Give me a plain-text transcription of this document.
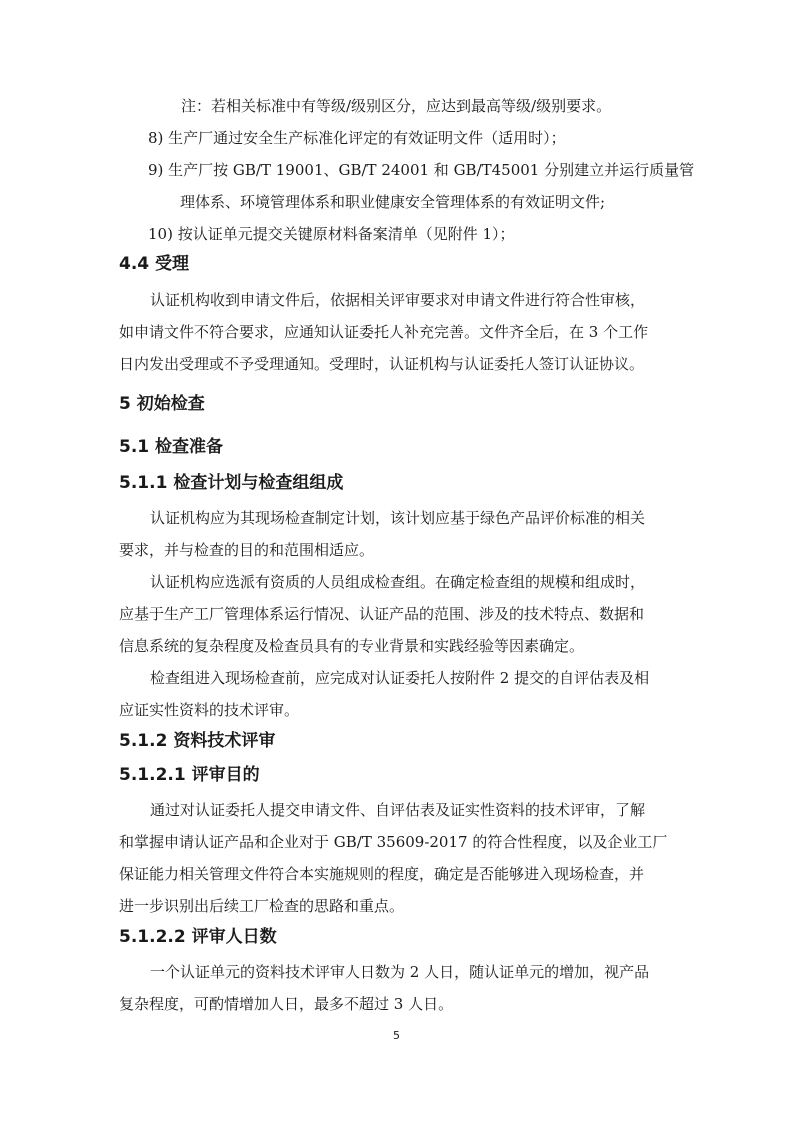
注：若相关标准中有等级/级别区分，应达到最高等级/级别要求。
8) 生产厂通过安全生产标准化评定的有效证明文件（适用时）；
9) 生产厂按 GB/T 19001、GB/T 24001 和 GB/T45001 分别建立并运行质量管
理体系、环境管理体系和职业健康安全管理体系的有效证明文件;
10) 按认证单元提交关键原材料备案清单（见附件 1）；
4.4 受理
认证机构收到申请文件后，依据相关评审要求对申请文件进行符合性审核，
如申请文件不符合要求，应通知认证委托人补充完善。文件齐全后，在 3 个工作
日内发出受理或不予受理通知。受理时，认证机构与认证委托人签订认证协议。
5 初始检查
5.1 检查准备
5.1.1 检查计划与检查组组成
认证机构应为其现场检查制定计划，该计划应基于绿色产品评价标准的相关
要求，并与检查的目的和范围相适应。
认证机构应选派有资质的人员组成检查组。在确定检查组的规模和组成时，
应基于生产工厂管理体系运行情况、认证产品的范围、涉及的技术特点、数据和
信息系统的复杂程度及检查员具有的专业背景和实践经验等因素确定。
检查组进入现场检查前，应完成对认证委托人按附件 2 提交的自评估表及相
应证实性资料的技术评审。
5.1.2 资料技术评审
5.1.2.1 评审目的
通过对认证委托人提交申请文件、自评估表及证实性资料的技术评审，了解
和掌握申请认证产品和企业对于 GB/T 35609-2017 的符合性程度，以及企业工厂
保证能力相关管理文件符合本实施规则的程度，确定是否能够进入现场检查，并
进一步识别出后续工厂检查的思路和重点。
5.1.2.2 评审人日数
一个认证单元的资料技术评审人日数为 2 人日，随认证单元的增加，视产品
复杂程度，可酌情增加人日，最多不超过 3 人日。
5
